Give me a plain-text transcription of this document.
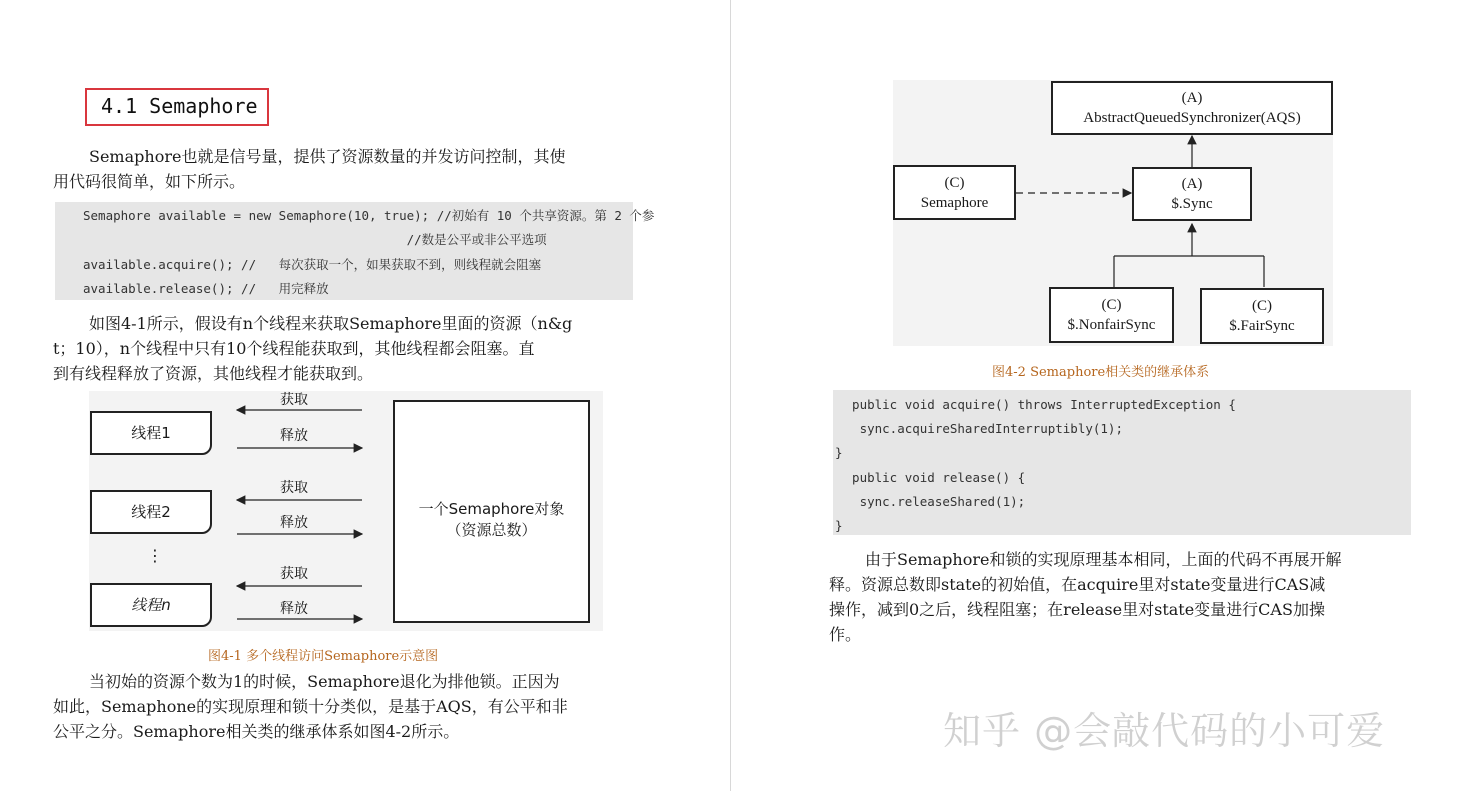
4.1 Semaphore

Semaphore也就是信号量，提供了资源数量的并发访问控制，其使
用代码很简单，如下所示。

Semaphore available = new Semaphore(10, true); //初始有 10 个共享资源。第 2 个参
//数是公平或非公平选项
available.acquire(); //   每次获取一个，如果获取不到，则线程就会阻塞
available.release(); //   用完释放

如图4-1所示，假设有n个线程来获取Semaphore里面的资源（n&g
t；10），n个线程中只有10个线程能获取到，其他线程都会阻塞。直
到有线程释放了资源，其他线程才能获取到。

线程1
线程2
⋮
线程n
获取
释放
获取
释放
获取
释放
一个Semaphore对象
（资源总数）
图4-1 多个线程访问Semaphore示意图

当初始的资源个数为1的时候，Semaphore退化为排他锁。正因为
如此，Semaphone的实现原理和锁十分类似，是基于AQS，有公平和非
公平之分。Semaphore相关类的继承体系如图4-2所示。

(A)
AbstractQueuedSynchronizer(AQS)
(A)
$.Sync
(C)
Semaphore
(C)
$.NonfairSync
(C)
$.FairSync
图4-2 Semaphore相关类的继承体系
public void acquire() throws InterruptedException {
sync.acquireSharedInterruptibly(1);
}
public void release() {
sync.releaseShared(1);
}

由于Semaphore和锁的实现原理基本相同，上面的代码不再展开解
释。资源总数即state的初始值，在acquire里对state变量进行CAS减
操作，减到0之后，线程阻塞；在release里对state变量进行CAS加操
作。

知乎 @会敲代码的小可爱
